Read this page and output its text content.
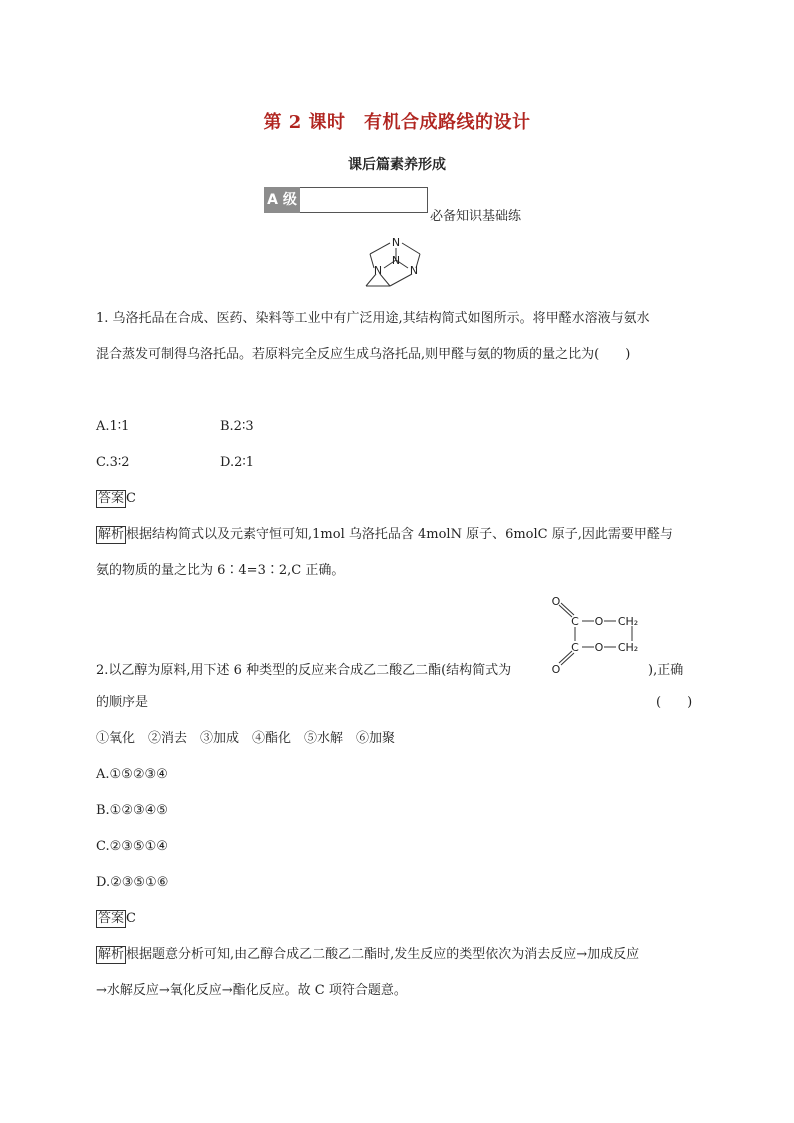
第 2 课时　有机合成路线的设计
课后篇素养形成
A 级
必备知识基础练
N
N	N
N
1. 乌洛托品在合成、医药、染料等工业中有广泛用途,其结构简式如图所示。将甲醛水溶液与氨水
混合蒸发可制得乌洛托品。若原料完全反应生成乌洛托品,则甲醛与氨的物质的量之比为(　　)
A.1∶1	B.2∶3
C.3∶2	D.2∶1
答案 C
解析 根据结构简式以及元素守恒可知,1mol 乌洛托品含 4molN 原子、6molC 原子,因此需要甲醛与
氨的物质的量之比为 6∶4=3∶2,C 正确。
O
C O CH₂
C O CH₂
O
2.以乙醇为原料,用下述 6 种类型的反应来合成乙二酸乙二酯(结构简式为	),正确
的顺序是	(　　)
①氧化　②消去　③加成　④酯化　⑤水解　⑥加聚
A.①⑤②③④
B.①②③④⑤
C.②③⑤①④
D.②③⑤①⑥
答案 C
解析 根据题意分析可知,由乙醇合成乙二酸乙二酯时,发生反应的类型依次为消去反应→加成反应
→水解反应→氧化反应→酯化反应。故 C 项符合题意。
